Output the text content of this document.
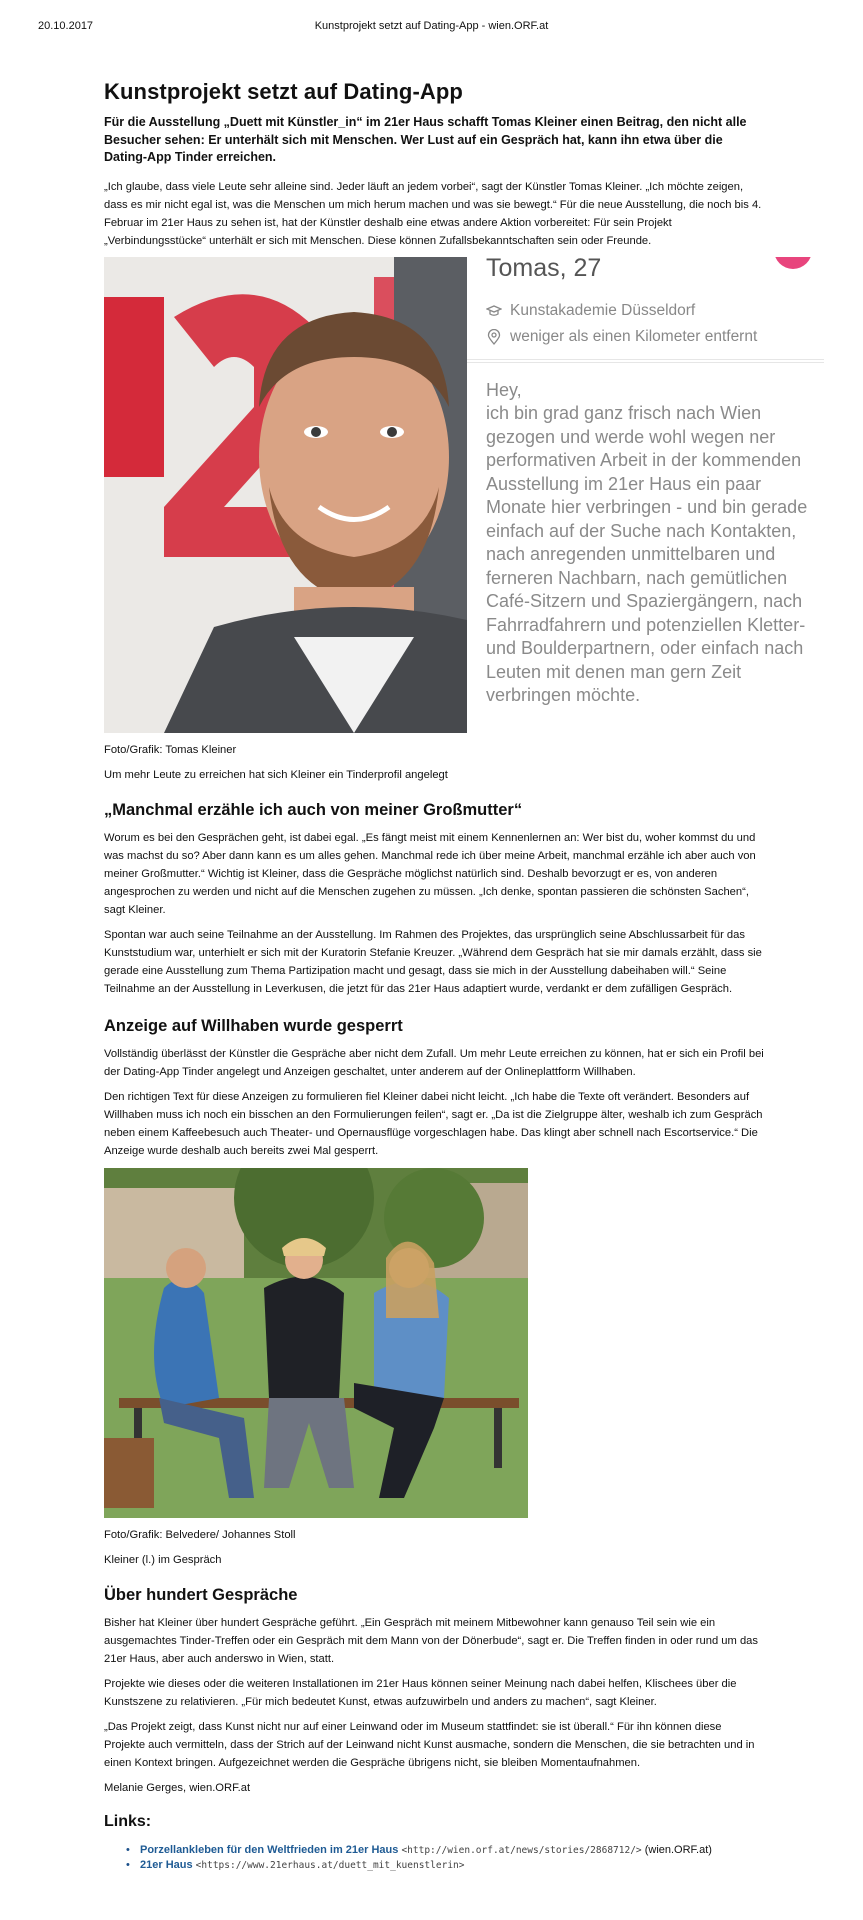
20.10.2017	Kunstprojekt setzt auf Dating-App - wien.ORF.at
Kunstprojekt setzt auf Dating-App

Für die Ausstellung „Duett mit Künstler_in“ im 21er Haus schafft Tomas Kleiner einen Beitrag, den nicht alle Besucher sehen: Er unterhält sich mit Menschen. Wer Lust auf ein Gespräch hat, kann ihn etwa über die Dating-App Tinder erreichen.

„Ich glaube, dass viele Leute sehr alleine sind. Jeder läuft an jedem vorbei“, sagt der Künstler Tomas Kleiner. „Ich möchte zeigen, dass es mir nicht egal ist, was die Menschen um mich herum machen und was sie bewegt.“ Für die neue Ausstellung, die noch bis 4. Februar im 21er Haus zu sehen ist, hat der Künstler deshalb eine etwas andere Aktion vorbereitet: Für sein Projekt „Verbindungsstücke“ unterhält er sich mit Menschen. Diese können Zufallsbekanntschaften sein oder Freunde.

Tomas, 27
Kunstakademie Düsseldorf
weniger als einen Kilometer entfernt
Hey,
ich bin grad ganz frisch nach Wien gezogen und werde wohl wegen ner performativen Arbeit in der kommenden Ausstellung im 21er Haus ein paar Monate hier verbringen - und bin gerade einfach auf der Suche nach Kontakten, nach anregenden unmittelbaren und ferneren Nachbarn, nach gemütlichen Café-Sitzern und Spaziergängern, nach Fahrradfahrern und potenziellen Kletter- und Boulderpartnern, oder einfach nach Leuten mit denen man gern Zeit verbringen möchte.

Foto/Grafik: Tomas Kleiner

Um mehr Leute zu erreichen hat sich Kleiner ein Tinderprofil angelegt

„Manchmal erzähle ich auch von meiner Großmutter“

Worum es bei den Gesprächen geht, ist dabei egal. „Es fängt meist mit einem Kennenlernen an: Wer bist du, woher kommst du und was machst du so? Aber dann kann es um alles gehen. Manchmal rede ich über meine Arbeit, manchmal erzähle ich aber auch von meiner Großmutter.“ Wichtig ist Kleiner, dass die Gespräche möglichst natürlich sind. Deshalb bevorzugt er es, von anderen angesprochen zu werden und nicht auf die Menschen zugehen zu müssen. „Ich denke, spontan passieren die schönsten Sachen“, sagt Kleiner.

Spontan war auch seine Teilnahme an der Ausstellung. Im Rahmen des Projektes, das ursprünglich seine Abschlussarbeit für das Kunststudium war, unterhielt er sich mit der Kuratorin Stefanie Kreuzer. „Während dem Gespräch hat sie mir damals erzählt, dass sie gerade eine Ausstellung zum Thema Partizipation macht und gesagt, dass sie mich in der Ausstellung dabeihaben will.“ Seine Teilnahme an der Ausstellung in Leverkusen, die jetzt für das 21er Haus adaptiert wurde, verdankt er dem zufälligen Gespräch.

Anzeige auf Willhaben wurde gesperrt

Vollständig überlässt der Künstler die Gespräche aber nicht dem Zufall. Um mehr Leute erreichen zu können, hat er sich ein Profil bei der Dating-App Tinder angelegt und Anzeigen geschaltet, unter anderem auf der Onlineplattform Willhaben.

Den richtigen Text für diese Anzeigen zu formulieren fiel Kleiner dabei nicht leicht. „Ich habe die Texte oft verändert. Besonders auf Willhaben muss ich noch ein bisschen an den Formulierungen feilen“, sagt er. „Da ist die Zielgruppe älter, weshalb ich zum Gespräch neben einem Kaffeebesuch auch Theater- und Opernausflüge vorgeschlagen habe. Das klingt aber schnell nach Escortservice.“ Die Anzeige wurde deshalb auch bereits zwei Mal gesperrt.

Foto/Grafik: Belvedere/ Johannes Stoll

Kleiner (l.) im Gespräch

Über hundert Gespräche

Bisher hat Kleiner über hundert Gespräche geführt. „Ein Gespräch mit meinem Mitbewohner kann genauso Teil sein wie ein ausgemachtes Tinder-Treffen oder ein Gespräch mit dem Mann von der Dönerbude“, sagt er. Die Treffen finden in oder rund um das 21er Haus, aber auch anderswo in Wien, statt.

Projekte wie dieses oder die weiteren Installationen im 21er Haus können seiner Meinung nach dabei helfen, Klischees über die Kunstszene zu relativieren. „Für mich bedeutet Kunst, etwas aufzuwirbeln und anders zu machen“, sagt Kleiner.

„Das Projekt zeigt, dass Kunst nicht nur auf einer Leinwand oder im Museum stattfindet: sie ist überall.“ Für ihn können diese Projekte auch vermitteln, dass der Strich auf der Leinwand nicht Kunst ausmache, sondern die Menschen, die sie betrachten und in einen Kontext bringen. Aufgezeichnet werden die Gespräche übrigens nicht, sie bleiben Momentaufnahmen.

Melanie Gerges, wien.ORF.at

Links:
• Porzellankleben für den Weltfrieden im 21er Haus <http://wien.orf.at/news/stories/2868712/> (wien.ORF.at)
• 21er Haus <https://www.21erhaus.at/duett_mit_kuenstlerin>
